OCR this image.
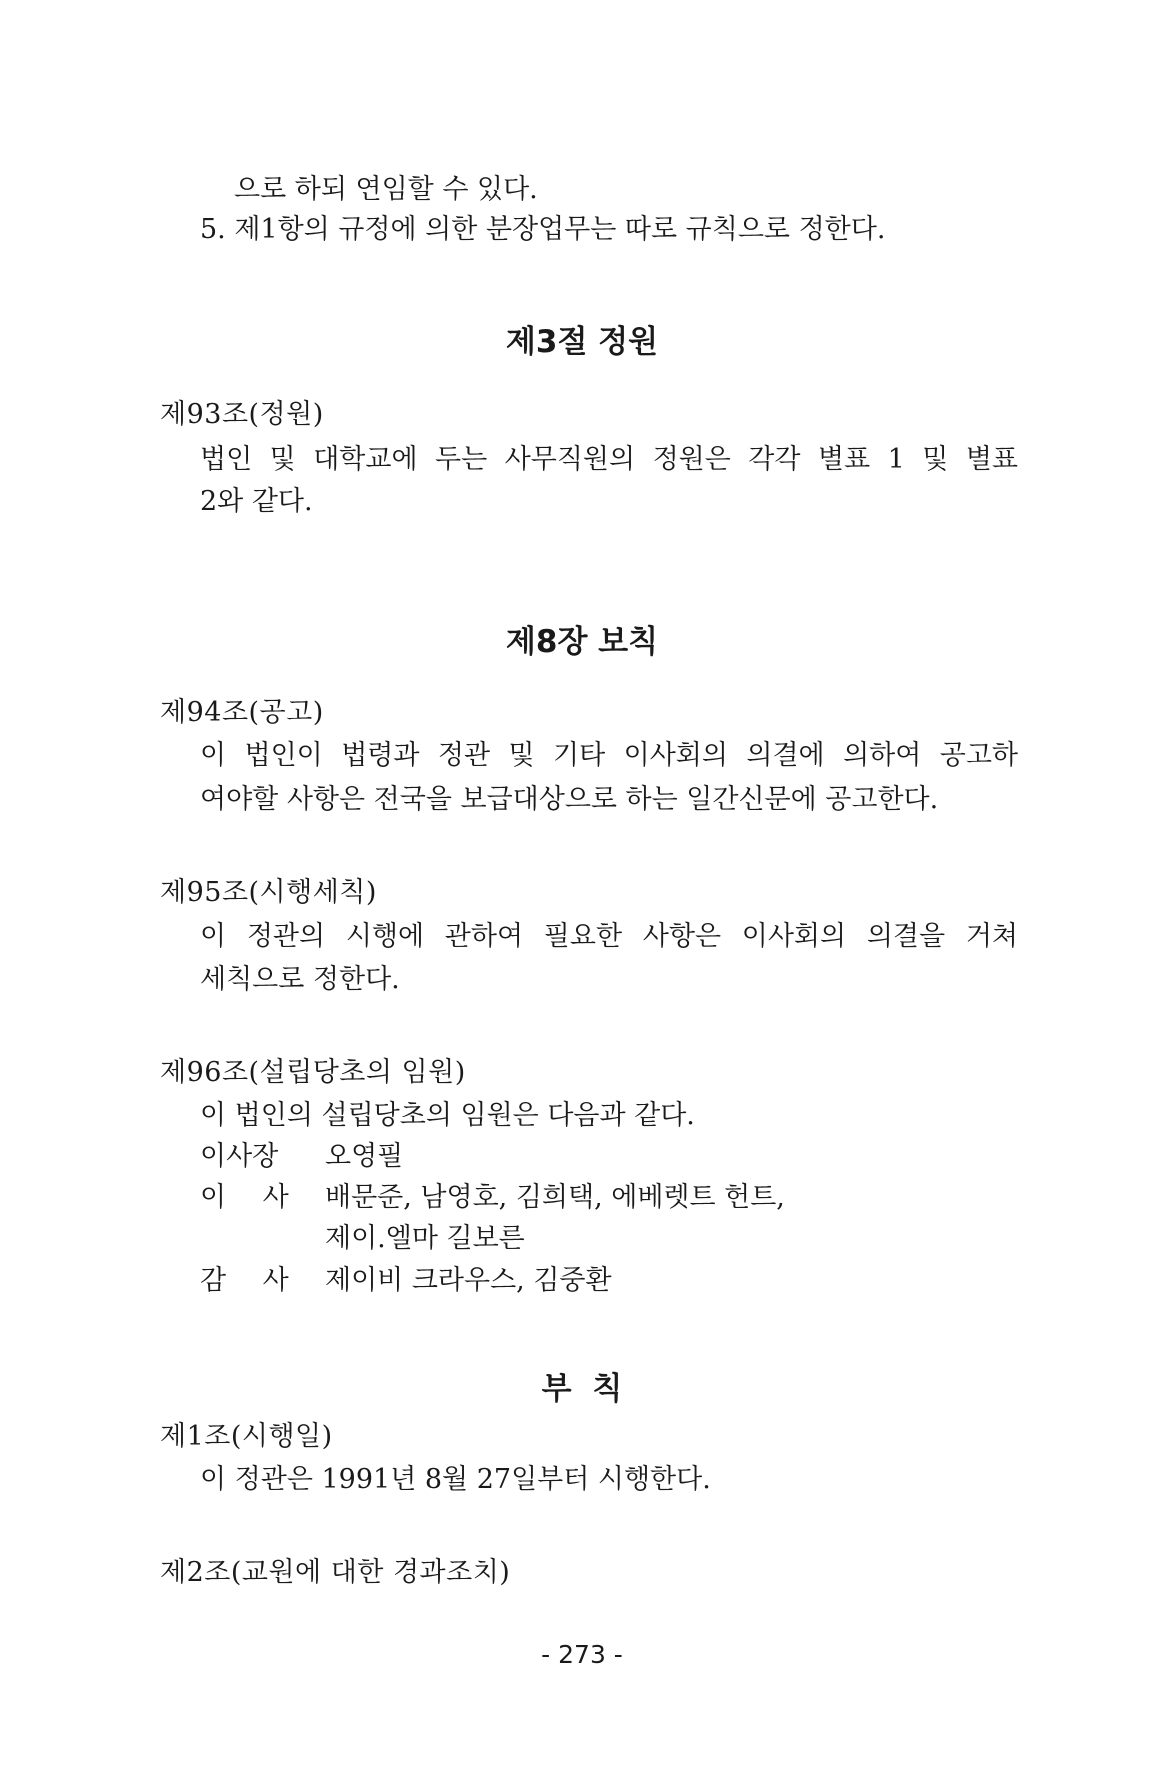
으로 하되 연임할 수 있다.
5. 제1항의 규정에 의한 분장업무는 따로 규칙으로 정한다.
제3절 정원
제93조(정원)
법인 및 대학교에 두는 사무직원의 정원은 각각 별표 1 및 별표
2와 같다.
제8장 보칙
제94조(공고)
이 법인이 법령과 정관 및 기타 이사회의 의결에 의하여 공고하
여야할 사항은 전국을 보급대상으로 하는 일간신문에 공고한다.
제95조(시행세칙)
이 정관의 시행에 관하여 필요한 사항은 이사회의 의결을 거쳐
세칙으로 정한다.
제96조(설립당초의 임원)
이 법인의 설립당초의 임원은 다음과 같다.
이사장 오영필
이 사 배문준, 남영호, 김희택, 에베렛트 헌트,
제이.엘마 길보른
감 사 제이비 크라우스, 김중환
부 칙
제1조(시행일)
이 정관은 1991년 8월 27일부터 시행한다.
제2조(교원에 대한 경과조치)
- 273 -
